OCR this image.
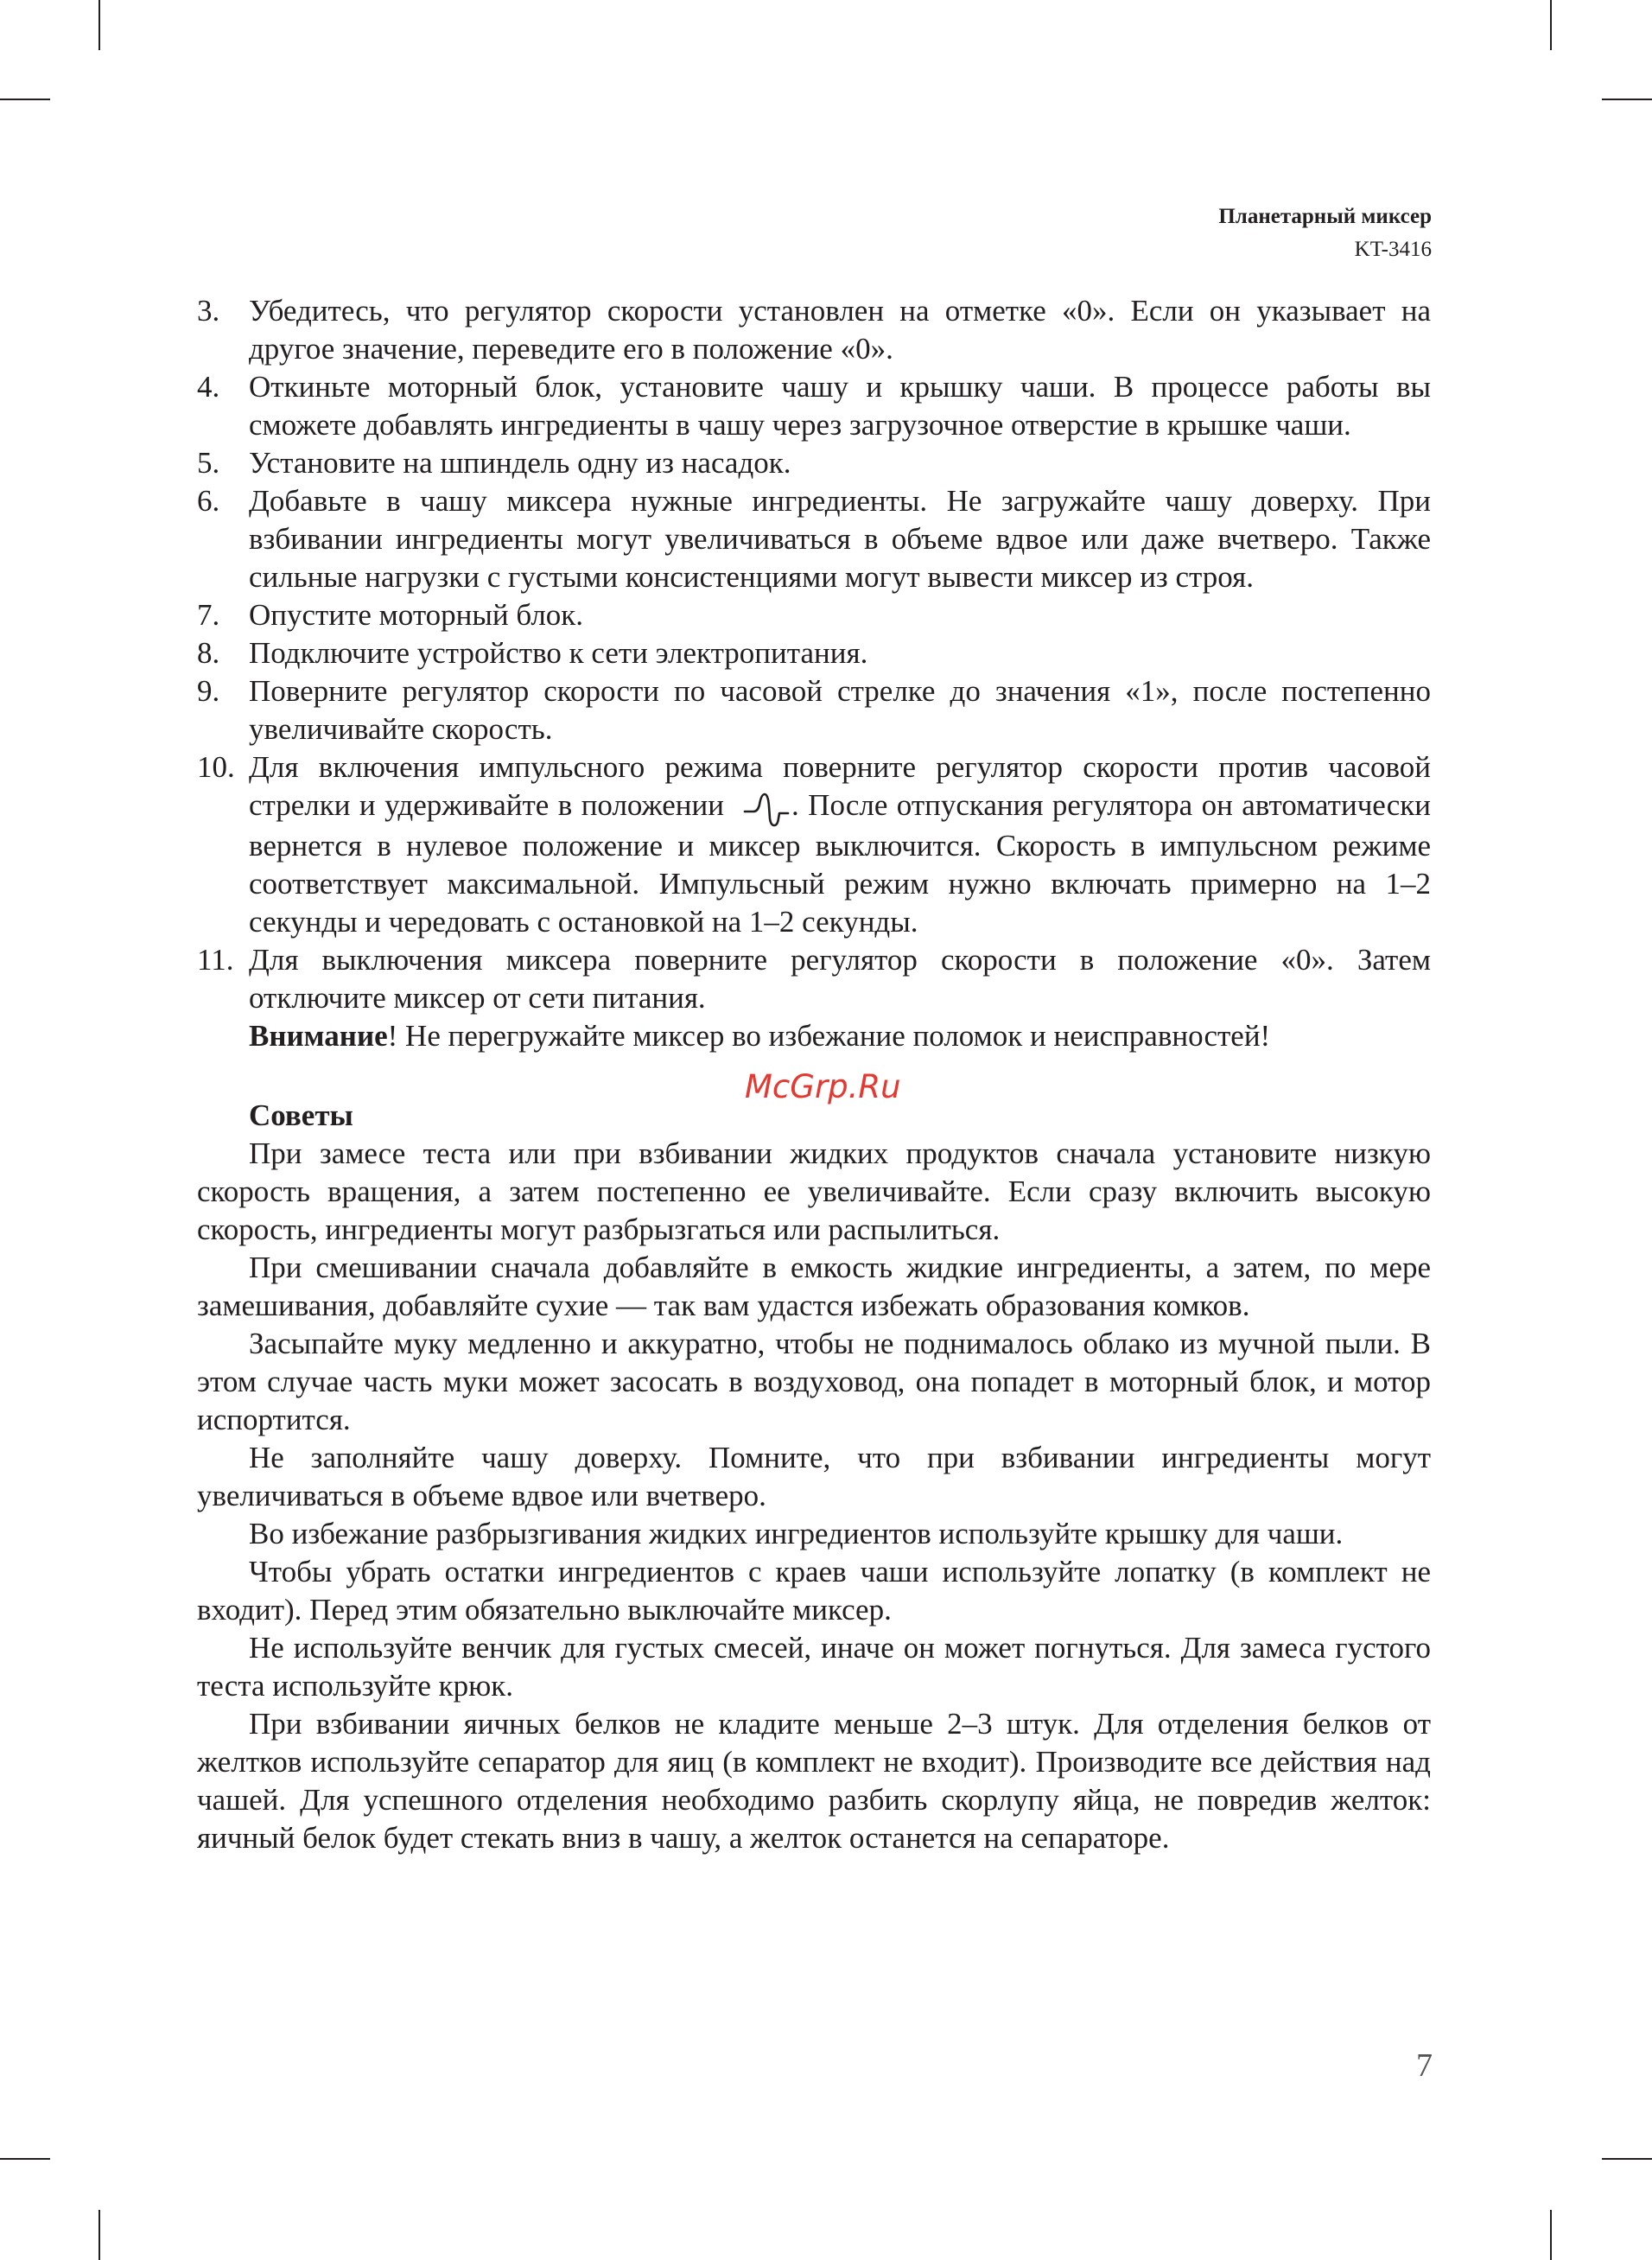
Планетарный миксер
KT-3416
3. Убедитесь, что регулятор скорости установлен на отметке «0». Если он указывает на другое значение, переведите его в положение «0».
4. Откиньте моторный блок, установите чашу и крышку чаши. В процессе работы вы сможете добавлять ингредиенты в чашу через загрузочное отверстие в крышке чаши.
5. Установите на шпиндель одну из насадок.
6. Добавьте в чашу миксера нужные ингредиенты. Не загружайте чашу доверху. При взбивании ингредиенты могут увеличиваться в объеме вдвое или даже вчетверо. Также сильные нагрузки с густыми консистенциями могут вывести миксер из строя.
7. Опустите моторный блок.
8. Подключите устройство к сети электропитания.
9. Поверните регулятор скорости по часовой стрелке до значения «1», после постепенно увеличивайте скорость.
10. Для включения импульсного режима поверните регулятор скорости против часовой стрелки и удерживайте в положении . После отпускания регулятора он автоматически вернется в нулевое положение и миксер выключится. Скорость в импульсном режиме соответствует максимальной. Импульсный режим нужно включать примерно на 1–2 секунды и чередовать с остановкой на 1–2 секунды.
11. Для выключения миксера поверните регулятор скорости в положение «0». Затем отключите миксер от сети питания.
Внимание! Не перегружайте миксер во избежание поломок и неисправностей!
Советы
При замесе теста или при взбивании жидких продуктов сначала установите низкую скорость вращения, а затем постепенно ее увеличивайте. Если сразу включить высокую скорость, ингредиенты могут разбрызгаться или распылиться.
При смешивании сначала добавляйте в емкость жидкие ингредиенты, а затем, по мере замешивания, добавляйте сухие — так вам удастся избежать образования комков.
Засыпайте муку медленно и аккуратно, чтобы не поднималось облако из мучной пыли. В этом случае часть муки может засосать в воздуховод, она попадет в моторный блок, и мотор испортится.
Не заполняйте чашу доверху. Помните, что при взбивании ингредиенты могут увеличиваться в объеме вдвое или вчетверо.
Во избежание разбрызгивания жидких ингредиентов используйте крышку для чаши.
Чтобы убрать остатки ингредиентов с краев чаши используйте лопатку (в комплект не входит). Перед этим обязательно выключайте миксер.
Не используйте венчик для густых смесей, иначе он может погнуться. Для замеса густого теста используйте крюк.
При взбивании яичных белков не кладите меньше 2–3 штук. Для отделения белков от желтков используйте сепаратор для яиц (в комплект не входит). Производите все действия над чашей. Для успешного отделения необходимо разбить скорлупу яйца, не повредив желток: яичный белок будет стекать вниз в чашу, а желток останется на сепараторе.
McGrp.Ru
7
